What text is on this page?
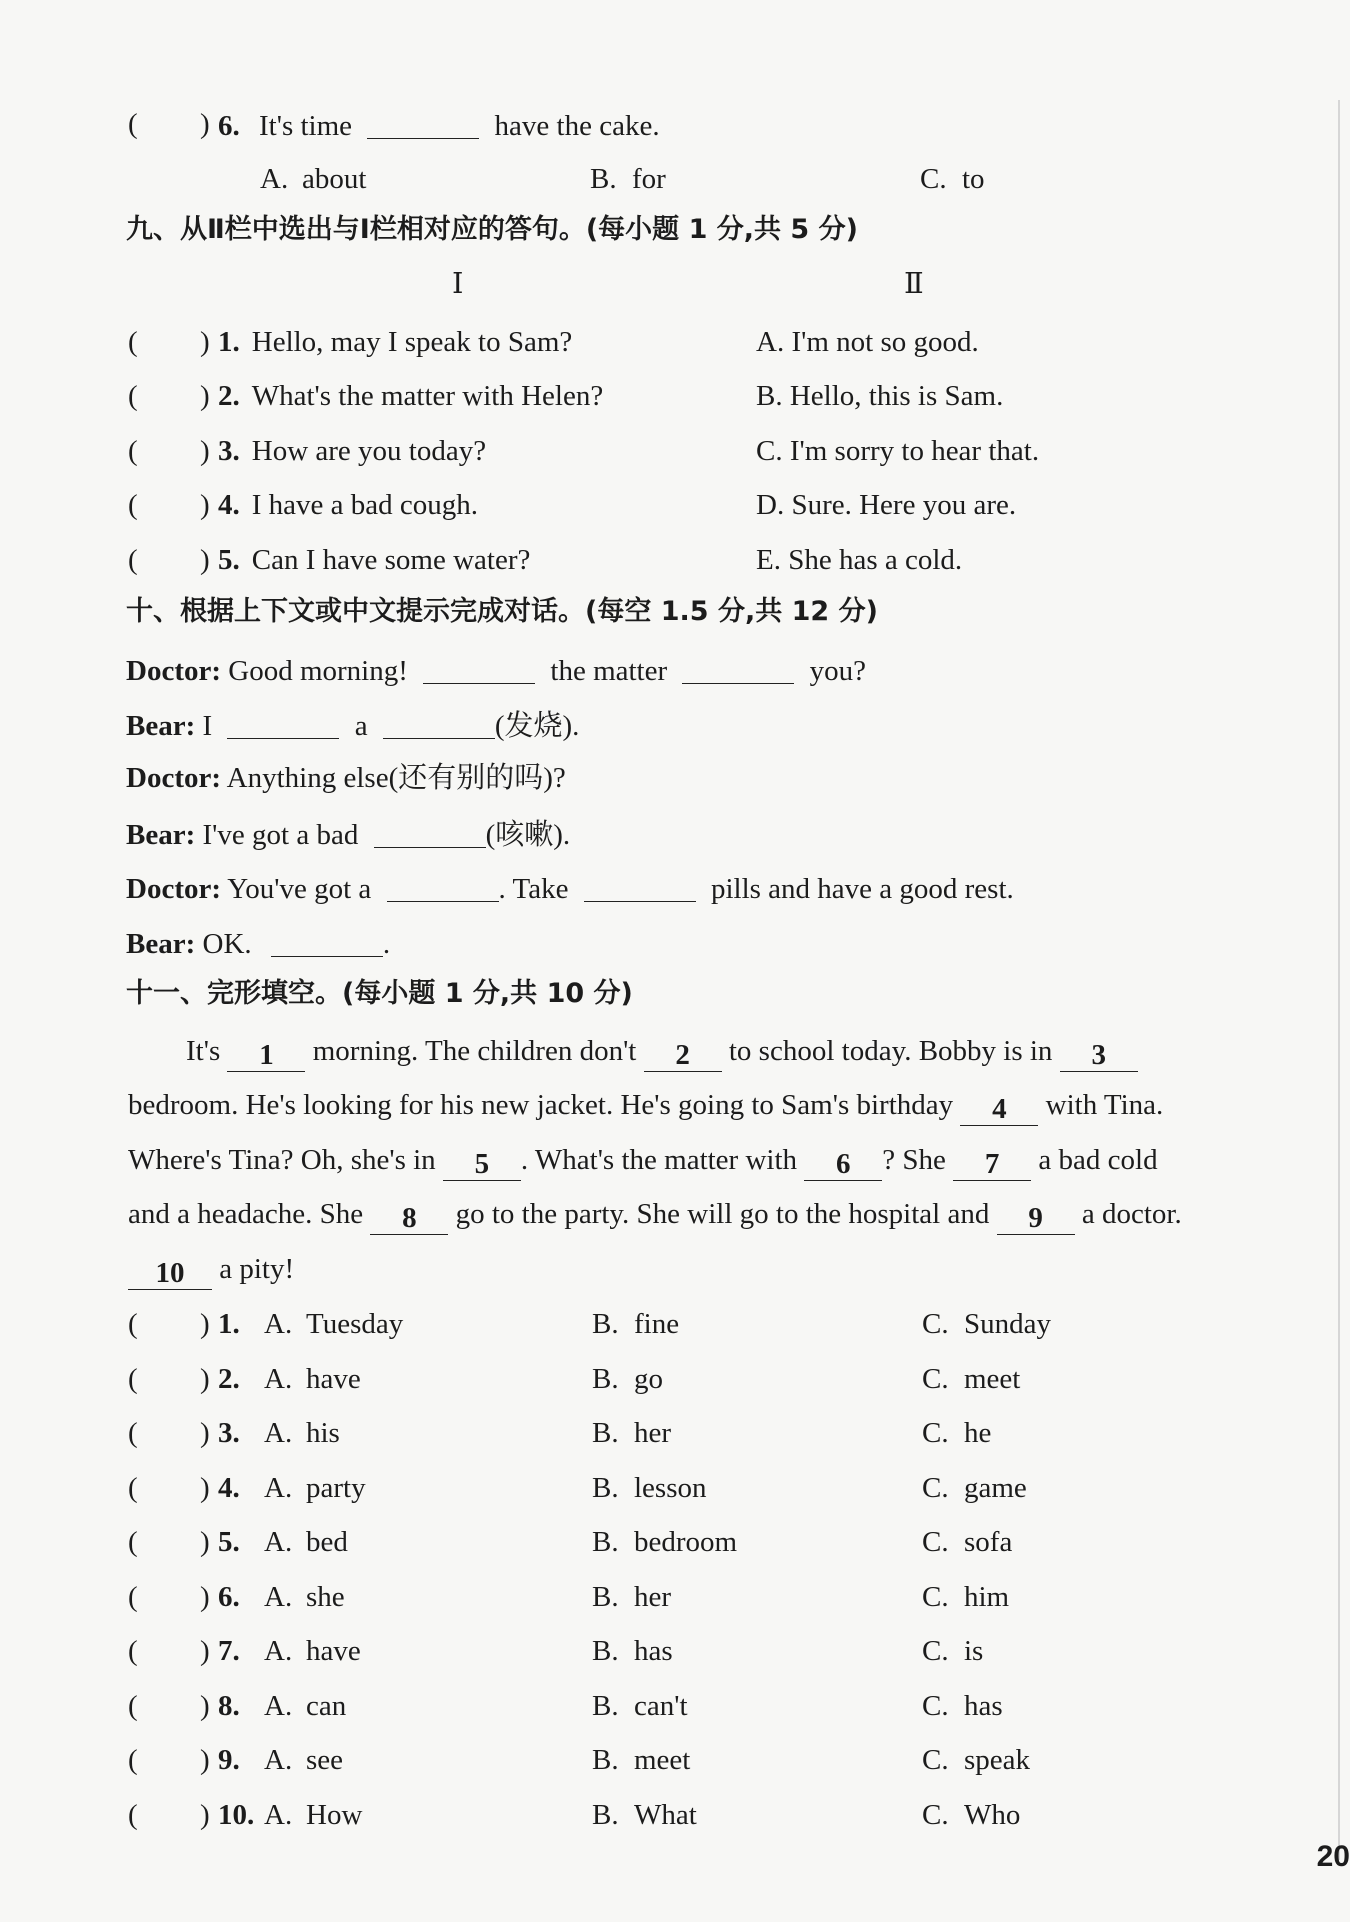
( ) 6. It's time	have the cake.
A. about	B. for	C. to
九、从Ⅱ栏中选出与Ⅰ栏相对应的答句。(每小题 1 分,共 5 分)
Ⅰ	Ⅱ
( ) 1. Hello, may I speak to Sam?	A. I'm not so good.
( ) 2. What's the matter with Helen?	B. Hello, this is Sam.
( ) 3. How are you today?	C. I'm sorry to hear that.
( ) 4. I have a bad cough.	D. Sure. Here you are.
( ) 5. Can I have some water?	E. She has a cold.
十、根据上下文或中文提示完成对话。(每空 1.5 分,共 12 分)
Doctor: Good morning!	the matter	you?
Bear: I	a	(发烧).
Doctor: Anything else(还有别的吗)?
Bear: I've got a bad	(咳嗽).
Doctor: You've got a	. Take	pills and have a good rest.
Bear: OK.	.
十一、完形填空。(每小题 1 分,共 10 分)
It's 1 morning. The children don't 2 to school today. Bobby is in 3
bedroom. He's looking for his new jacket. He's going to Sam's birthday 4 with Tina.
Where's Tina? Oh, she's in 5 . What's the matter with 6 ? She 7 a bad cold
and a headache. She 8 go to the party. She will go to the hospital and 9 a doctor.
10 a pity!
( ) 1. A. Tuesday	B. fine	C. Sunday
( ) 2. A. have	B. go	C. meet
( ) 3. A. his	B. her	C. he
( ) 4. A. party	B. lesson	C. game
( ) 5. A. bed	B. bedroom	C. sofa
( ) 6. A. she	B. her	C. him
( ) 7. A. have	B. has	C. is
( ) 8. A. can	B. can't	C. has
( ) 9. A. see	B. meet	C. speak
( ) 10. A. How	B. What	C. Who
20
